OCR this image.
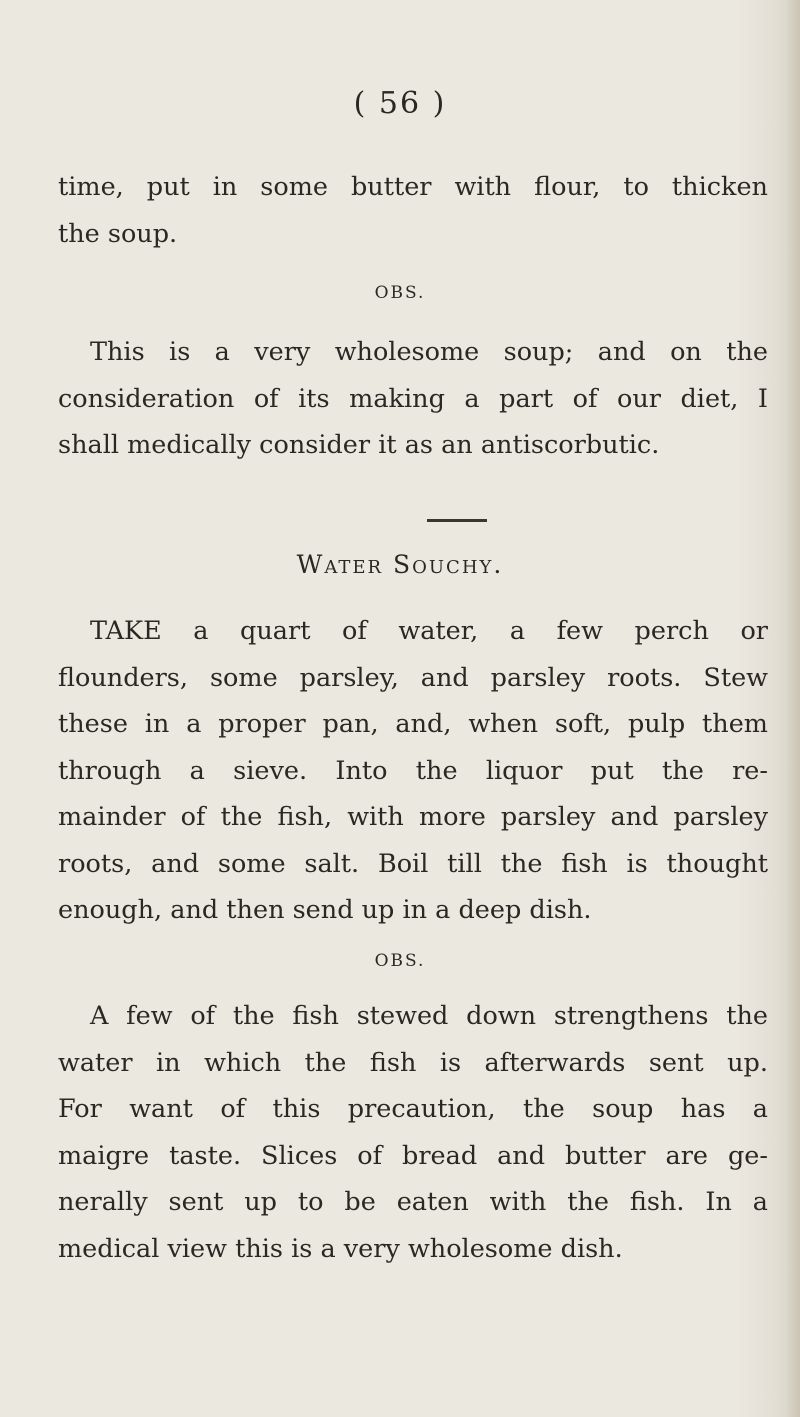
( 56 )
time, put in some butter with flour, to thicken
the soup.
OBS.
This is a very wholesome soup; and on the
consideration of its making a part of our diet, I
shall medically consider it as an antiscorbutic.
Water Souchy.
TAKE a quart of water, a few perch or
flounders, some parsley, and parsley roots. Stew
these in a proper pan, and, when soft, pulp them
through a sieve. Into the liquor put the re-
mainder of the fish, with more parsley and parsley
roots, and some salt. Boil till the fish is thought
enough, and then send up in a deep dish.
OBS.
A few of the fish stewed down strengthens the
water in which the fish is afterwards sent up.
For want of this precaution, the soup has a
maigre taste. Slices of bread and butter are ge-
nerally sent up to be eaten with the fish. In a
medical view this is a very wholesome dish.
